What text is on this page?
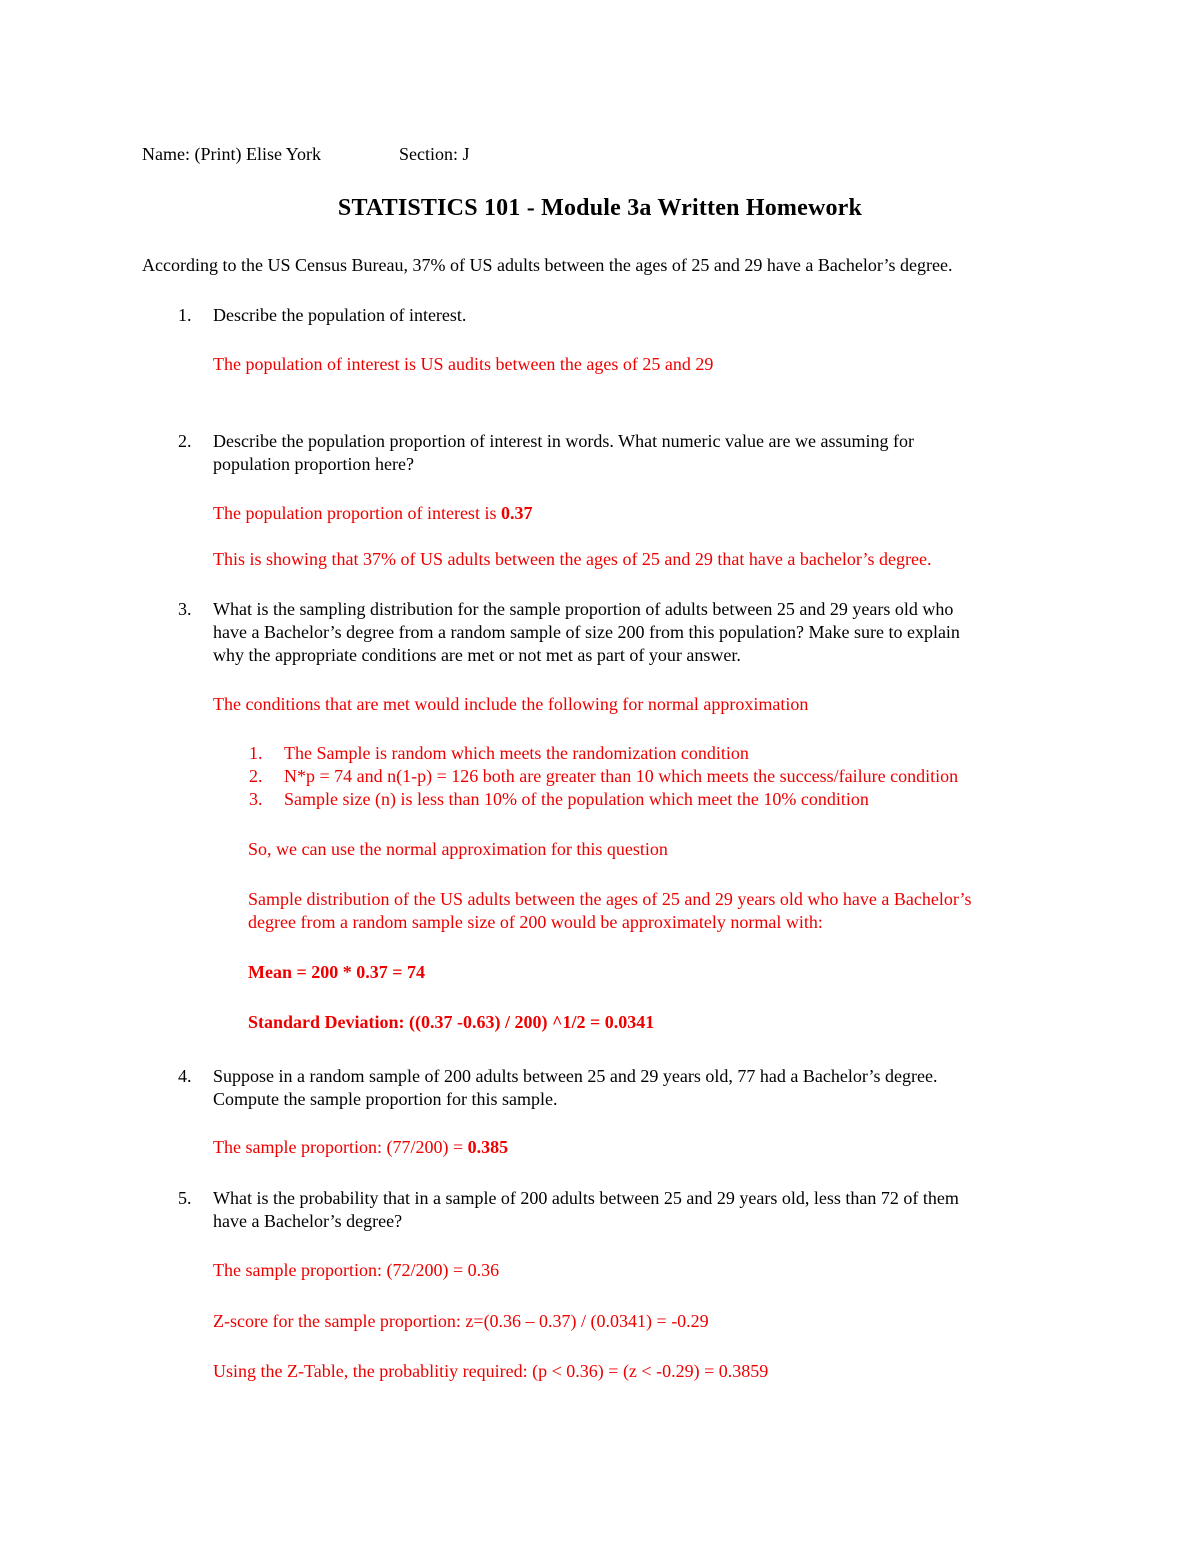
Name: (Print) Elise York	Section: J
STATISTICS 101 - Module 3a Written Homework
According to the US Census Bureau, 37% of US adults between the ages of 25 and 29 have a Bachelor’s degree.
1. Describe the population of interest.
The population of interest is US audits between the ages of 25 and 29
2. Describe the population proportion of interest in words. What numeric value are we assuming for
population proportion here?
The population proportion of interest is 0.37
This is showing that 37% of US adults between the ages of 25 and 29 that have a bachelor’s degree.
3. What is the sampling distribution for the sample proportion of adults between 25 and 29 years old who
have a Bachelor’s degree from a random sample of size 200 from this population? Make sure to explain
why the appropriate conditions are met or not met as part of your answer.
The conditions that are met would include the following for normal approximation
1. The Sample is random which meets the randomization condition
2. N*p = 74 and n(1-p) = 126 both are greater than 10 which meets the success/failure condition
3. Sample size (n) is less than 10% of the population which meet the 10% condition
So, we can use the normal approximation for this question
Sample distribution of the US adults between the ages of 25 and 29 years old who have a Bachelor’s
degree from a random sample size of 200 would be approximately normal with:
Mean = 200 * 0.37 = 74
Standard Deviation: ((0.37 -0.63) / 200) ^1/2 = 0.0341
4. Suppose in a random sample of 200 adults between 25 and 29 years old, 77 had a Bachelor’s degree.
Compute the sample proportion for this sample.
The sample proportion: (77/200) = 0.385
5. What is the probability that in a sample of 200 adults between 25 and 29 years old, less than 72 of them
have a Bachelor’s degree?
The sample proportion: (72/200) = 0.36
Z-score for the sample proportion: z=(0.36 – 0.37) / (0.0341) = -0.29
Using the Z-Table, the probablitiy required: (p < 0.36) = (z < -0.29) = 0.3859
